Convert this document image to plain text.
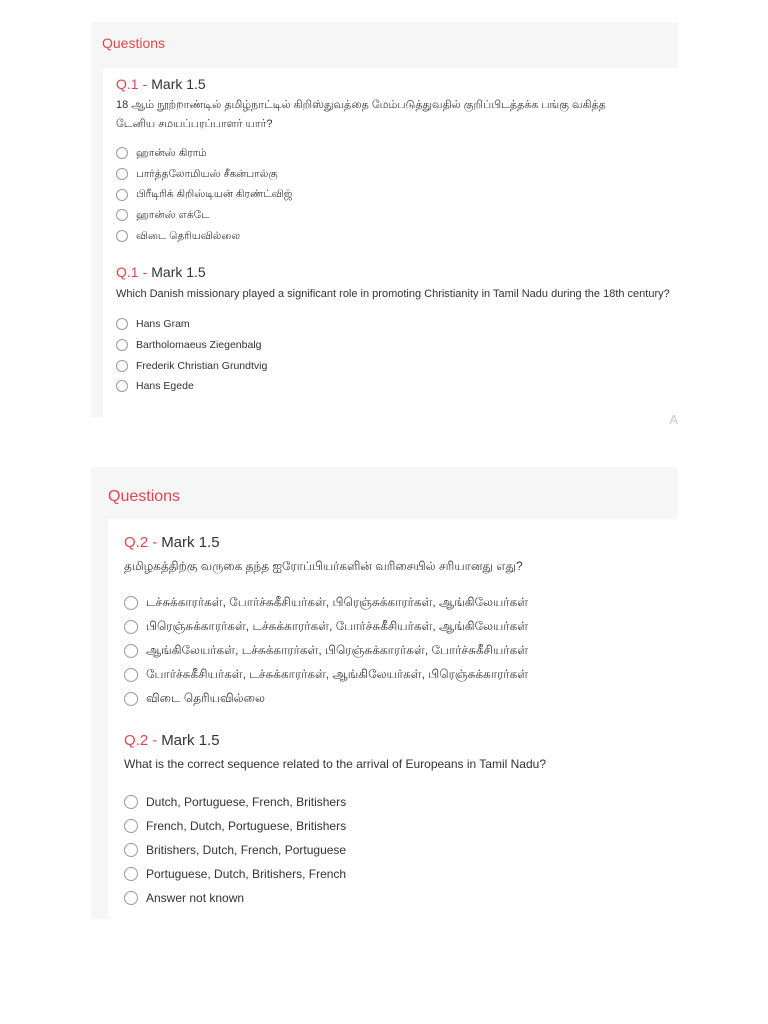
Questions
Q.1 - Mark 1.5
18 ஆம் நூற்றாண்டில் தமிழ்நாட்டில் கிறிஸ்துவத்தை மேம்படுத்துவதில் குறிப்பிடத்தக்க பங்கு வகித்த
டேனிய சமயப்பரப்பாளர் யார்?
ஹான்ஸ் கிராம்
பார்த்தலோமியஸ் சீகன்பால்கு
பிரீடிரிக் கிறிஸ்டியன் கிரண்ட்விஜ்
ஹான்ஸ் எக்டே
விடை தெரியவில்லை
Q.1 - Mark 1.5
Which Danish missionary played a significant role in promoting Christianity in Tamil Nadu during the 18th century?
Hans Gram
Bartholomaeus Ziegenbalg
Frederik Christian Grundtvig
Hans Egede
A
Questions
Q.2 - Mark 1.5
தமிழகத்திற்கு வருகை தந்த ஐரோப்பியர்களின் வரிசையில் சரியானது எது?
டச்சுக்காரர்கள், போர்ச்சுகீசியர்கள், பிரெஞ்சுக்காரர்கள், ஆங்கிலேயர்கள்
பிரெஞ்சுக்காரர்கள், டச்சுக்காரர்கள், போர்ச்சுகீசியர்கள், ஆங்கிலேயர்கள்
ஆங்கிலேயர்கள், டச்சுக்காரர்கள், பிரெஞ்சுக்காரர்கள், போர்ச்சுகீசியர்கள்
போர்ச்சுகீசியர்கள், டச்சுக்காரர்கள், ஆங்கிலேயர்கள், பிரெஞ்சுக்காரர்கள்
விடை தெரியவில்லை
Q.2 - Mark 1.5
What is the correct sequence related to the arrival of Europeans in Tamil Nadu?
Dutch, Portuguese, French, Britishers
French, Dutch, Portuguese, Britishers
Britishers, Dutch, French, Portuguese
Portuguese, Dutch, Britishers, French
Answer not known
